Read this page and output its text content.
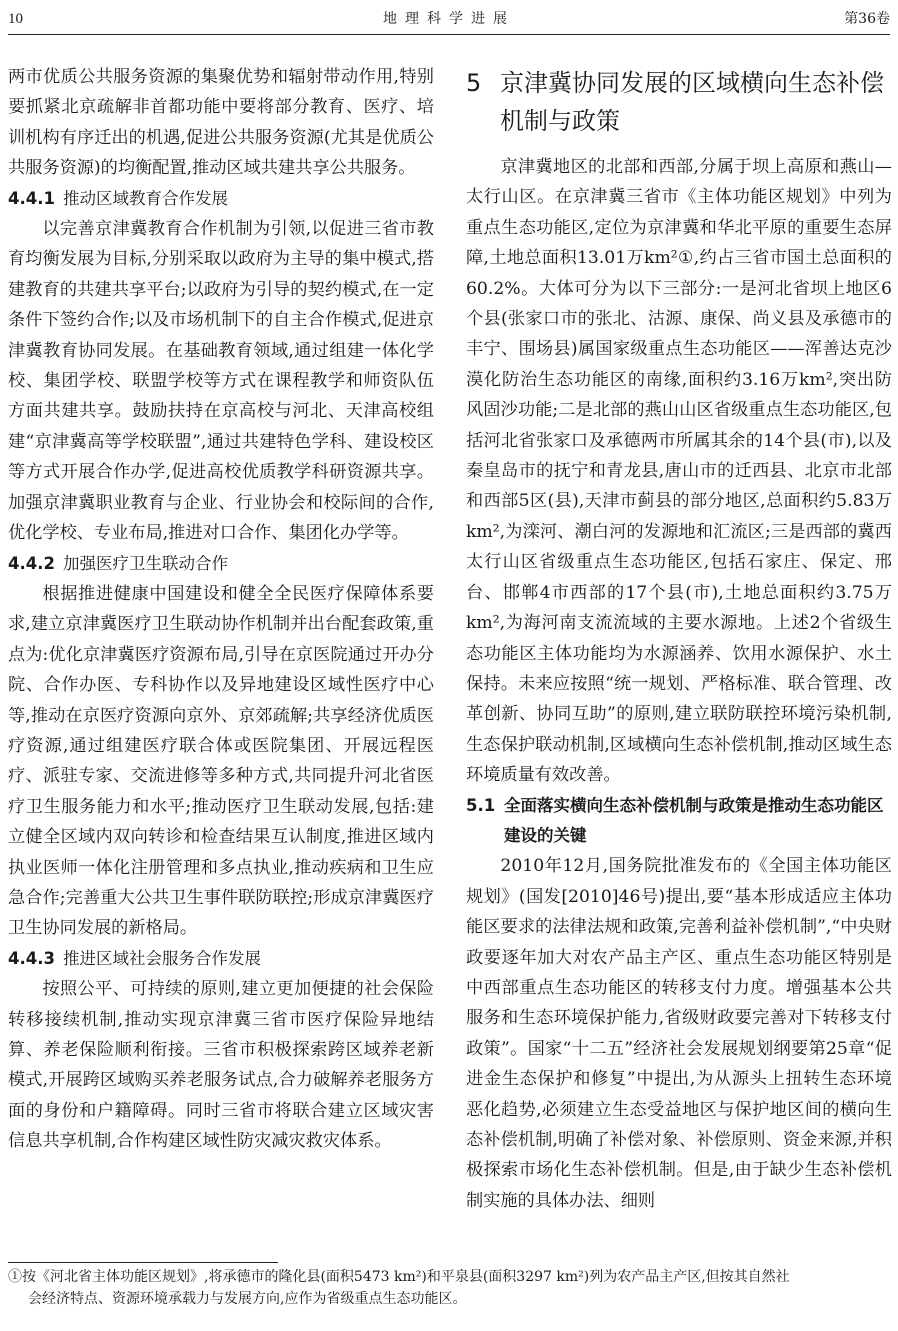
10	地理科学进展	第36卷

两市优质公共服务资源的集聚优势和辐射带动作用,特别要抓紧北京疏解非首都功能中要将部分教育、医疗、培训机构有序迁出的机遇,促进公共服务资源(尤其是优质公共服务资源)的均衡配置,推动区域共建共享公共服务。

4.4.1 推动区域教育合作发展

以完善京津冀教育合作机制为引领,以促进三省市教育均衡发展为目标,分别采取以政府为主导的集中模式,搭建教育的共建共享平台;以政府为引导的契约模式,在一定条件下签约合作;以及市场机制下的自主合作模式,促进京津冀教育协同发展。在基础教育领域,通过组建一体化学校、集团学校、联盟学校等方式在课程教学和师资队伍方面共建共享。鼓励扶持在京高校与河北、天津高校组建“京津冀高等学校联盟”,通过共建特色学科、建设校区等方式开展合作办学,促进高校优质教学科研资源共享。加强京津冀职业教育与企业、行业协会和校际间的合作,优化学校、专业布局,推进对口合作、集团化办学等。

4.4.2 加强医疗卫生联动合作

根据推进健康中国建设和健全全民医疗保障体系要求,建立京津冀医疗卫生联动协作机制并出台配套政策,重点为:优化京津冀医疗资源布局,引导在京医院通过开办分院、合作办医、专科协作以及异地建设区域性医疗中心等,推动在京医疗资源向京外、京郊疏解;共享经济优质医疗资源,通过组建医疗联合体或医院集团、开展远程医疗、派驻专家、交流进修等多种方式,共同提升河北省医疗卫生服务能力和水平;推动医疗卫生联动发展,包括:建立健全区域内双向转诊和检查结果互认制度,推进区域内执业医师一体化注册管理和多点执业,推动疾病和卫生应急合作;完善重大公共卫生事件联防联控;形成京津冀医疗卫生协同发展的新格局。

4.4.3 推进区域社会服务合作发展

按照公平、可持续的原则,建立更加便捷的社会保险转移接续机制,推动实现京津冀三省市医疗保险异地结算、养老保险顺利衔接。三省市积极探索跨区域养老新模式,开展跨区域购买养老服务试点,合力破解养老服务方面的身份和户籍障碍。同时三省市将联合建立区域灾害信息共享机制,合作构建区域性防灾减灾救灾体系。

5 京津冀协同发展的区域横向生态补偿机制与政策

京津冀地区的北部和西部,分属于坝上高原和燕山—太行山区。在京津冀三省市《主体功能区规划》中列为重点生态功能区,定位为京津冀和华北平原的重要生态屏障,土地总面积13.01万km²①,约占三省市国土总面积的60.2%。大体可分为以下三部分:一是河北省坝上地区6个县(张家口市的张北、沽源、康保、尚义县及承德市的丰宁、围场县)属国家级重点生态功能区——浑善达克沙漠化防治生态功能区的南缘,面积约3.16万km²,突出防风固沙功能;二是北部的燕山山区省级重点生态功能区,包括河北省张家口及承德两市所属其余的14个县(市),以及秦皇岛市的抚宁和青龙县,唐山市的迁西县、北京市北部和西部5区(县),天津市蓟县的部分地区,总面积约5.83万km²,为滦河、潮白河的发源地和汇流区;三是西部的冀西太行山区省级重点生态功能区,包括石家庄、保定、邢台、邯郸4市西部的17个县(市),土地总面积约3.75万km²,为海河南支流流域的主要水源地。上述2个省级生态功能区主体功能均为水源涵养、饮用水源保护、水土保持。未来应按照“统一规划、严格标准、联合管理、改革创新、协同互助”的原则,建立联防联控环境污染机制,生态保护联动机制,区域横向生态补偿机制,推动区域生态环境质量有效改善。

5.1 全面落实横向生态补偿机制与政策是推动生态功能区建设的关键

2010年12月,国务院批准发布的《全国主体功能区规划》(国发[2010]46号)提出,要“基本形成适应主体功能区要求的法律法规和政策,完善利益补偿机制”,“中央财政要逐年加大对农产品主产区、重点生态功能区特别是中西部重点生态功能区的转移支付力度。增强基本公共服务和生态环境保护能力,省级财政要完善对下转移支付政策”。国家“十二五”经济社会发展规划纲要第25章“促进金生态保护和修复”中提出,为从源头上扭转生态环境恶化趋势,必须建立生态受益地区与保护地区间的横向生态补偿机制,明确了补偿对象、补偿原则、资金来源,并积极探索市场化生态补偿机制。但是,由于缺少生态补偿机制实施的具体办法、细则

①按《河北省主体功能区规划》,将承德市的隆化县(面积5473 km²)和平泉县(面积3297 km²)列为农产品主产区,但按其自然社
会经济特点、资源环境承载力与发展方向,应作为省级重点生态功能区。
